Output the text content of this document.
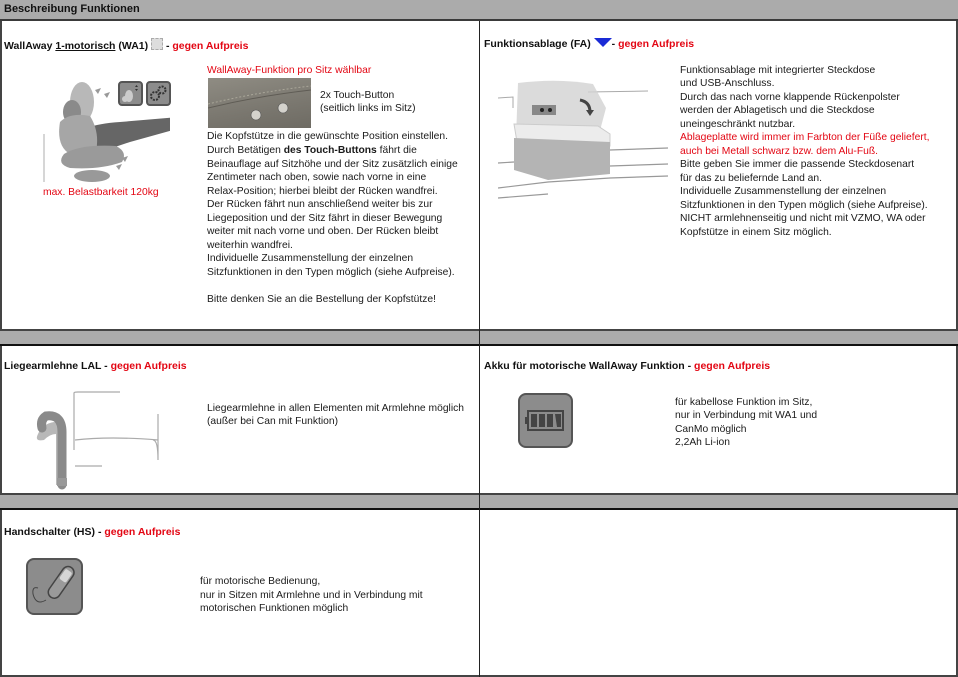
Beschreibung Funktionen
WallAway 1-motorisch (WA1)  - gegen Aufpreis
max. Belastbarkeit 120kg
WallAway-Funktion pro Sitz wählbar
2x Touch-Button
(seitlich links im Sitz)
Die Kopfstütze in die gewünschte Position einstellen.
Durch Betätigen des Touch-Buttons fährt die
Beinauflage auf Sitzhöhe und der Sitz zusätzlich einige
Zentimeter nach oben, sowie nach vorne in eine
Relax-Position; hierbei bleibt der Rücken wandfrei.
Der Rücken fährt nun anschließend weiter bis zur
Liegeposition und der Sitz fährt in dieser Bewegung
weiter mit nach vorne und oben. Der Rücken bleibt
weiterhin wandfrei.
Individuelle Zusammenstellung der einzelnen
Sitzfunktionen in den Typen möglich (siehe Aufpreise).
Bitte denken Sie an die Bestellung der Kopfstütze!
Funktionsablage (FA) - gegen Aufpreis
Funktionsablage mit integrierter Steckdose
und USB-Anschluss.
Durch das nach vorne klappende Rückenpolster
werden der Ablagetisch und die Steckdose
uneingeschränkt nutzbar.
Ablageplatte wird immer im Farbton der Füße geliefert,
auch bei Metall schwarz bzw. dem Alu-Fuß.
Bitte geben Sie immer die passende Steckdosenart
für das zu beliefernde Land an.
Individuelle Zusammenstellung der einzelnen
Sitzfunktionen in den Typen möglich (siehe Aufpreise).
NICHT armlehnenseitig und nicht mit VZMO, WA oder
Kopfstütze in einem Sitz möglich.
Liegearmlehne LAL - gegen Aufpreis
Liegearmlehne in allen Elementen mit Armlehne möglich
(außer bei Can mit Funktion)
Akku für motorische WallAway Funktion - gegen Aufpreis
für kabellose Funktion im Sitz,
nur in Verbindung mit WA1 und
CanMo möglich
2,2Ah Li-ion
Handschalter (HS) - gegen Aufpreis
für motorische Bedienung,
nur in Sitzen mit Armlehne und in Verbindung mit
motorischen Funktionen möglich
